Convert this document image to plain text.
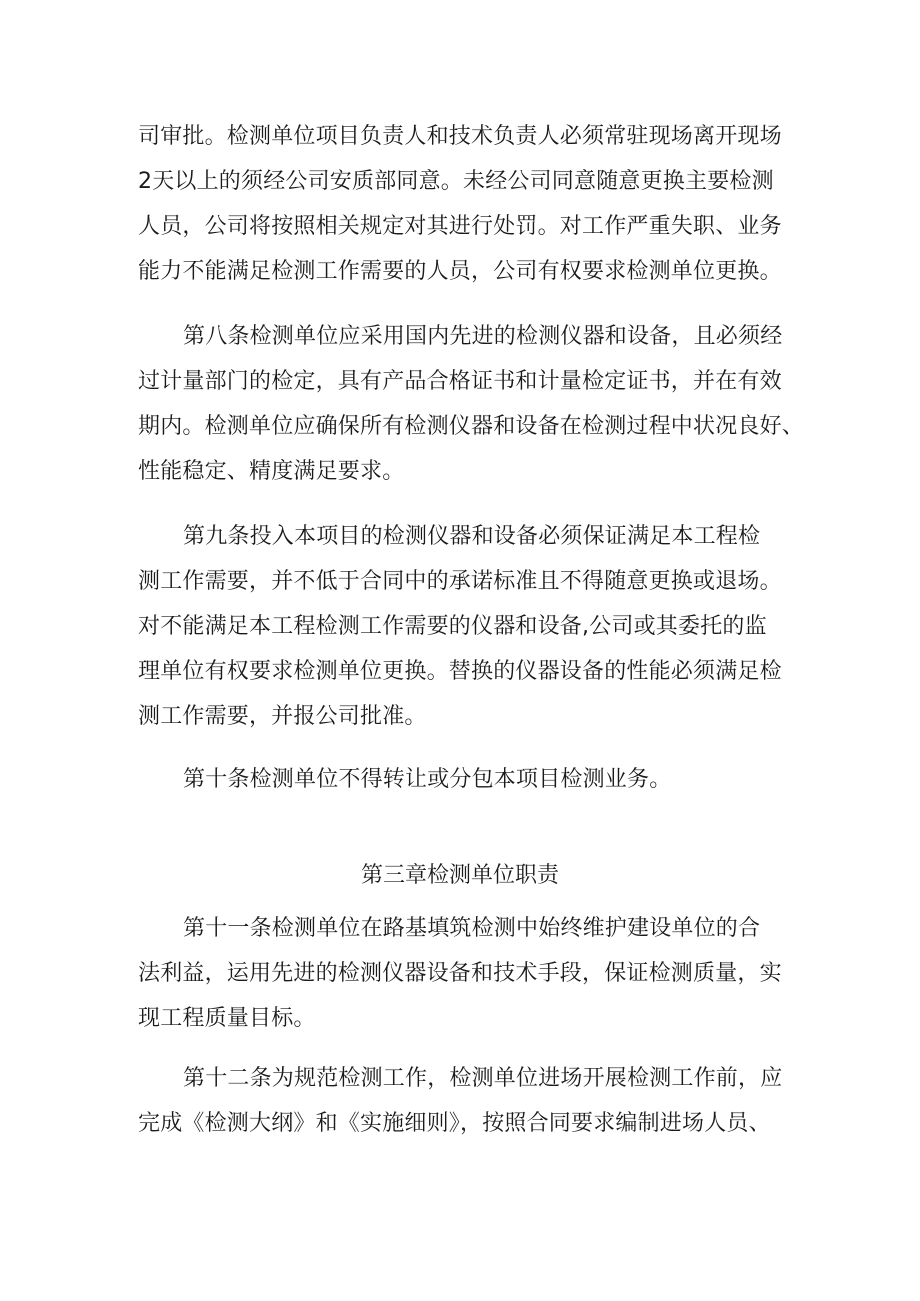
司审批。检测单位项目负责人和技术负责人必须常驻现场离开现场
2天以上的须经公司安质部同意。未经公司同意随意更换主要检测
人员，公司将按照相关规定对其进行处罚。对工作严重失职、业务
能力不能满足检测工作需要的人员，公司有权要求检测单位更换。

第八条检测单位应采用国内先进的检测仪器和设备，且必须经
过计量部门的检定，具有产品合格证书和计量检定证书，并在有效
期内。检测单位应确保所有检测仪器和设备在检测过程中状况良好、
性能稳定、精度满足要求。

第九条投入本项目的检测仪器和设备必须保证满足本工程检
测工作需要，并不低于合同中的承诺标准且不得随意更换或退场。
对不能满足本工程检测工作需要的仪器和设备,公司或其委托的监
理单位有权要求检测单位更换。替换的仪器设备的性能必须满足检
测工作需要，并报公司批准。

第十条检测单位不得转让或分包本项目检测业务。

第三章检测单位职责

第十一条检测单位在路基填筑检测中始终维护建设单位的合
法利益，运用先进的检测仪器设备和技术手段，保证检测质量，实
现工程质量目标。

第十二条为规范检测工作，检测单位进场开展检测工作前，应
完成《检测大纲》和《实施细则》，按照合同要求编制进场人员、
